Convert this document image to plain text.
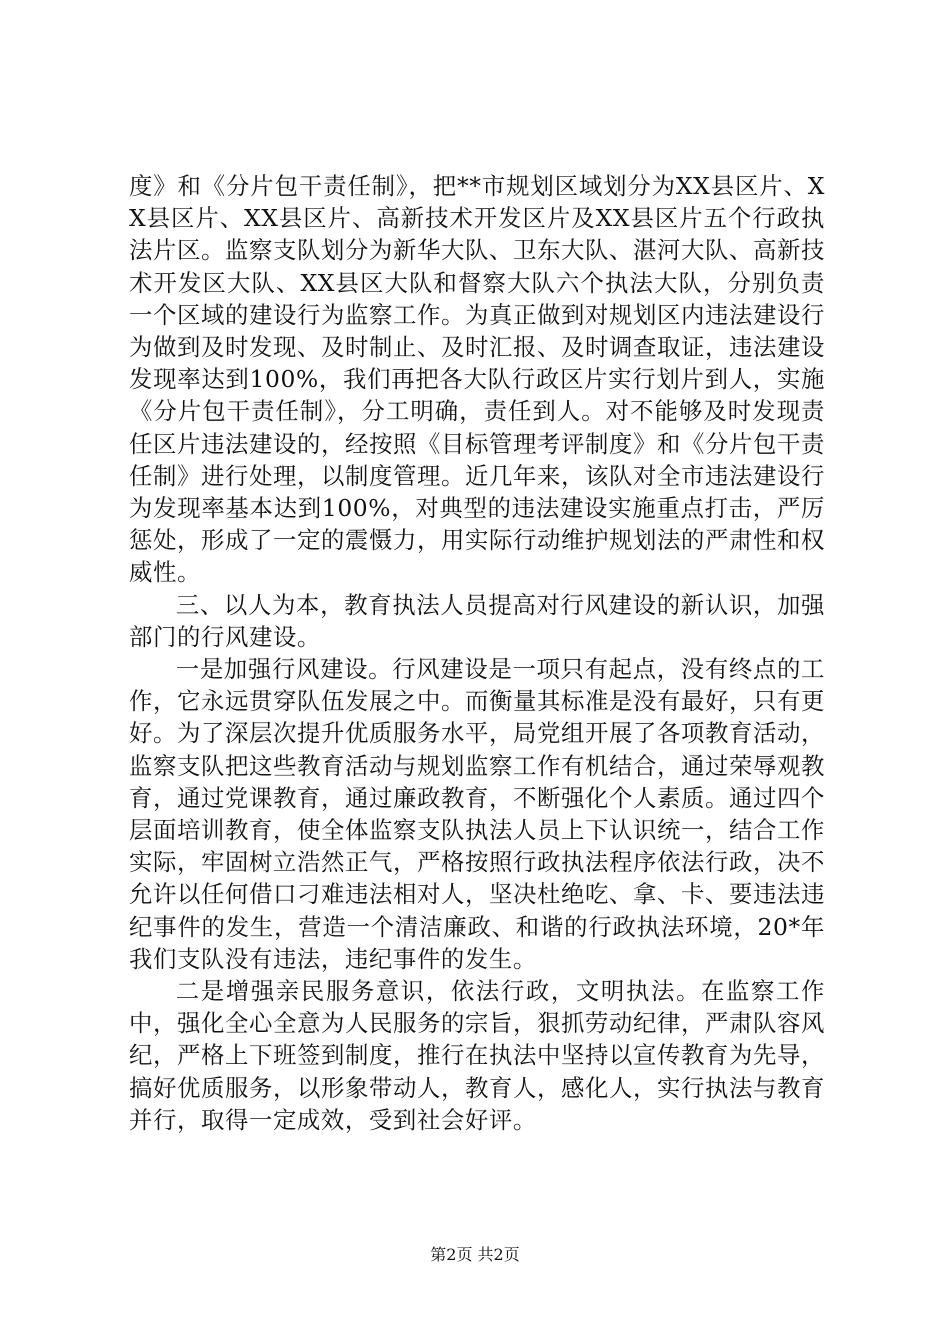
度》和《分片包干责任制》，把**市规划区域划分为XX县区片、XX县区片、XX县区片、高新技术开发区片及XX县区片五个行政执法片区。监察支队划分为新华大队、卫东大队、湛河大队、高新技术开发区大队、XX县区大队和督察大队六个执法大队，分别负责一个区域的建设行为监察工作。为真正做到对规划区内违法建设行为做到及时发现、及时制止、及时汇报、及时调查取证，违法建设发现率达到100%，我们再把各大队行政区片实行划片到人，实施《分片包干责任制》，分工明确，责任到人。对不能够及时发现责任区片违法建设的，经按照《目标管理考评制度》和《分片包干责任制》进行处理，以制度管理。近几年来，该队对全市违法建设行为发现率基本达到100%，对典型的违法建设实施重点打击，严厉惩处，形成了一定的震慑力，用实际行动维护规划法的严肃性和权威性。

三、以人为本，教育执法人员提高对行风建设的新认识，加强部门的行风建设。

一是加强行风建设。行风建设是一项只有起点，没有终点的工作，它永远贯穿队伍发展之中。而衡量其标准是没有最好，只有更好。为了深层次提升优质服务水平，局党组开展了各项教育活动，监察支队把这些教育活动与规划监察工作有机结合，通过荣辱观教育，通过党课教育，通过廉政教育，不断强化个人素质。通过四个层面培训教育，使全体监察支队执法人员上下认识统一，结合工作实际，牢固树立浩然正气，严格按照行政执法程序依法行政，决不允许以任何借口刁难违法相对人，坚决杜绝吃、拿、卡、要违法违纪事件的发生，营造一个清洁廉政、和谐的行政执法环境，20*年我们支队没有违法，违纪事件的发生。

二是增强亲民服务意识，依法行政，文明执法。在监察工作中，强化全心全意为人民服务的宗旨，狠抓劳动纪律，严肃队容风纪，严格上下班签到制度，推行在执法中坚持以宣传教育为先导，搞好优质服务，以形象带动人，教育人，感化人，实行执法与教育并行，取得一定成效，受到社会好评。

第2页 共2页
